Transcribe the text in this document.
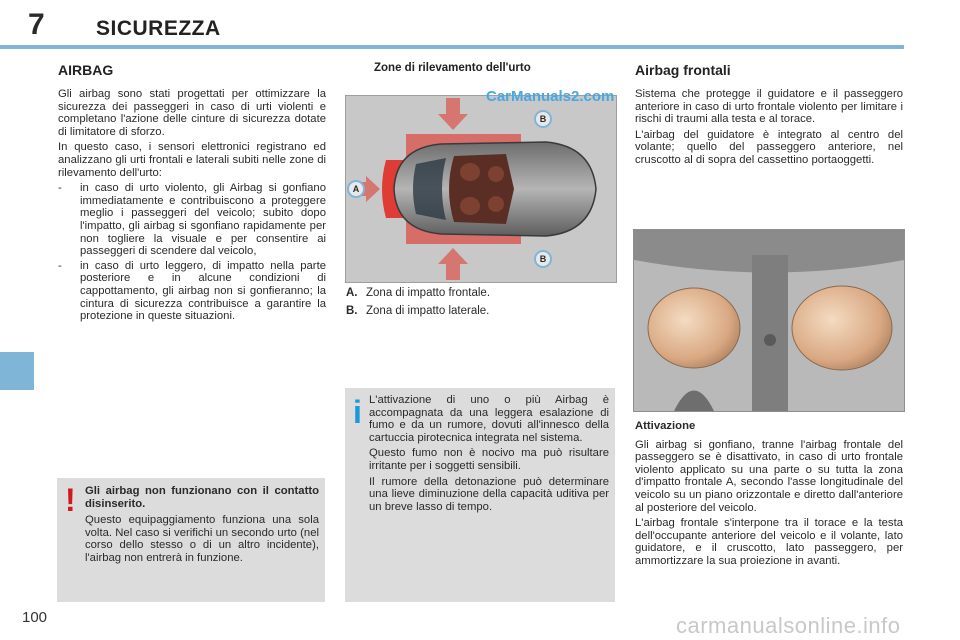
7 SICUREZZA
100
AIRBAG

Gli airbag sono stati progettati per ottimizzare la sicurezza dei passeggeri in caso di urti violenti e completano l'azione delle cinture di sicurezza dotate di limitatore di sforzo.

In questo caso, i sensori elettronici registrano ed analizzano gli urti frontali e laterali subiti nelle zone di rilevamento dell'urto:

-	in caso di urto violento, gli Airbag si gonfiano immediatamente e contribuiscono a proteggere meglio i passeggeri del veicolo; subito dopo l'impatto, gli airbag si sgonfiano rapidamente per non togliere la visuale e per consentire ai passeggeri di scendere dal veicolo,
-	in caso di urto leggero, di impatto nella parte posteriore e in alcune condizioni di cappottamento, gli airbag non si gonfieranno; la cintura di sicurezza contribuisce a garantire la protezione in queste situazioni.
! Gli airbag non funzionano con il contatto disinserito.

Questo equipaggiamento funziona una sola volta. Nel caso si verifichi un secondo urto (nel corso dello stesso o di un altro incidente), l'airbag non entrerà in funzione.

Zone di rilevamento dell'urto
A
B
B
CarManuals2.com
A. Zona di impatto frontale.
B. Zona di impatto laterale.
i L'attivazione di uno o più Airbag è accompagnata da una leggera esalazione di fumo e da un rumore, dovuti all'innesco della cartuccia pirotecnica integrata nel sistema.

Questo fumo non è nocivo ma può risultare irritante per i soggetti sensibili.

Il rumore della detonazione può determinare una lieve diminuzione della capacità uditiva per un breve lasso di tempo.

Airbag frontali

Sistema che protegge il guidatore e il passeggero anteriore in caso di urto frontale violento per limitare i rischi di traumi alla testa e al torace.

L'airbag del guidatore è integrato al centro del volante; quello del passeggero anteriore, nel cruscotto al di sopra del cassettino portaoggetti.

Attivazione

Gli airbag si gonfiano, tranne l'airbag frontale del passeggero se è disattivato, in caso di urto frontale violento applicato su una parte o su tutta la zona d'impatto frontale A, secondo l'asse longitudinale del veicolo su un piano orizzontale e diretto dall'anteriore al posteriore del veicolo.

L'airbag frontale s'interpone tra il torace e la testa dell'occupante anteriore del veicolo e il volante, lato guidatore, e il cruscotto, lato passeggero, per ammortizzare la sua proiezione in avanti.

carmanualsonline.info
